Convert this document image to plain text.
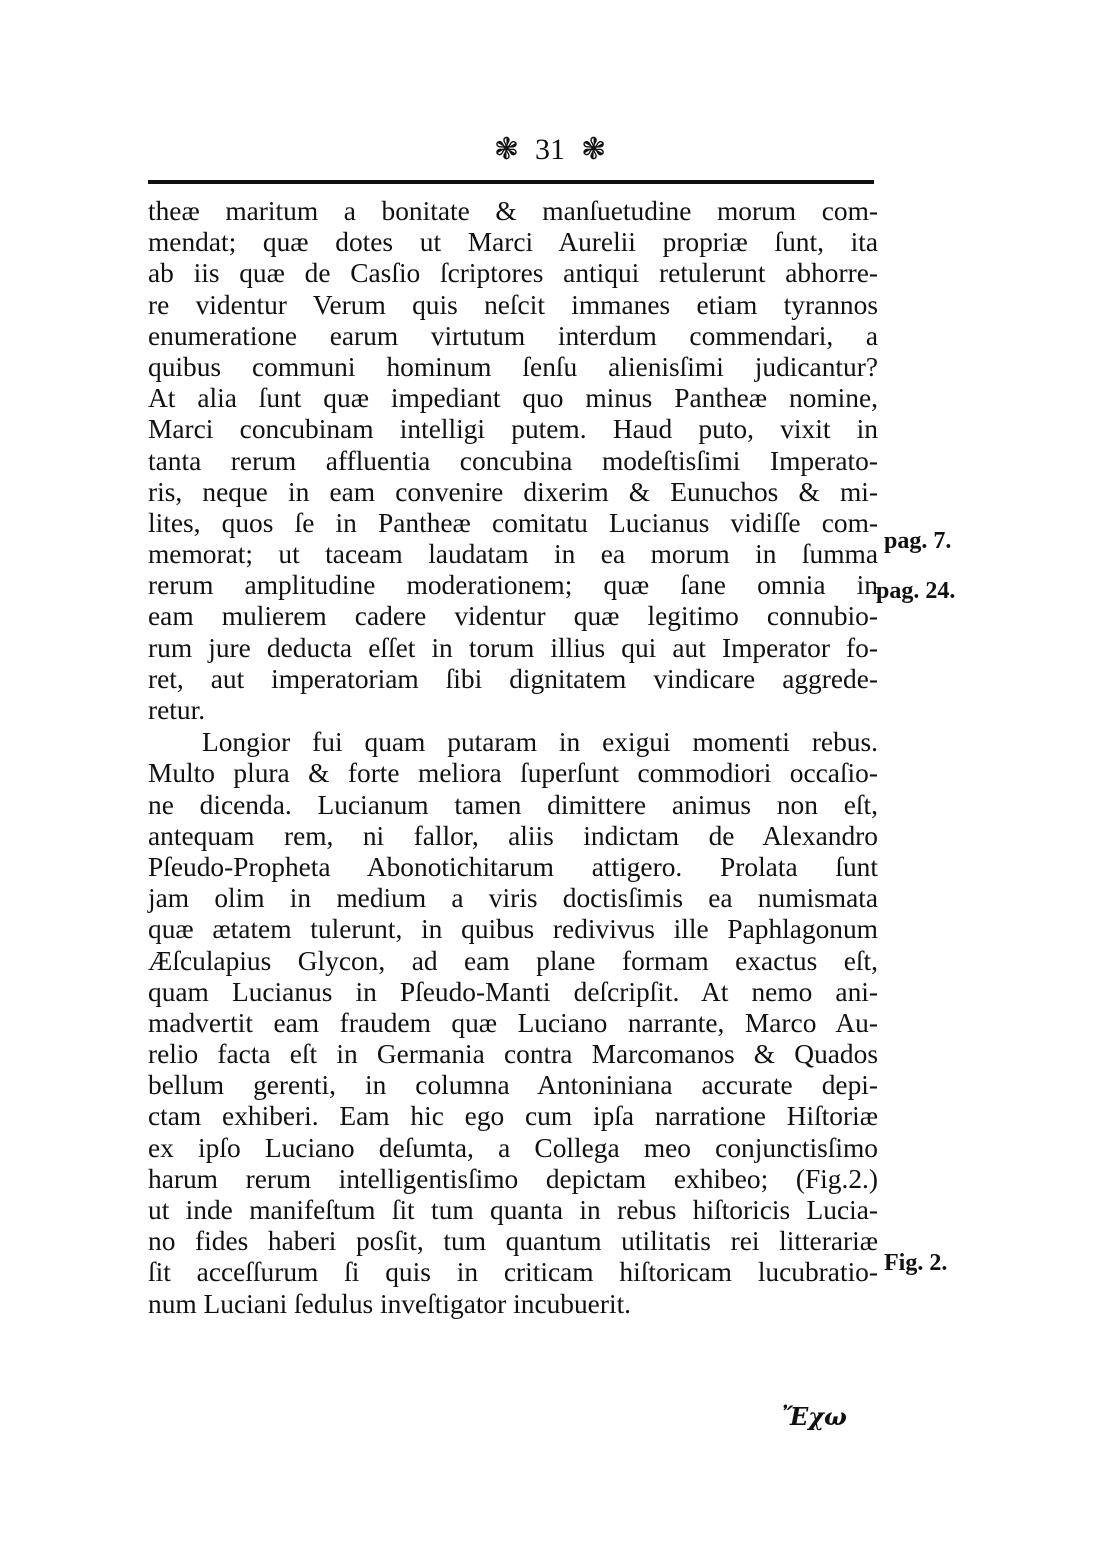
❃ 31 ❃
theæ maritum a bonitate & manſuetudine morum com-
mendat; quæ dotes ut Marci Aurelii propriæ ſunt, ita
ab iis quæ de Casſio ſcriptores antiqui retulerunt abhorre-
re videntur Verum quis neſcit immanes etiam tyrannos
enumeratione earum virtutum interdum commendari, a
quibus communi hominum ſenſu alienisſimi judicantur?
At alia ſunt quæ impediant quo minus Pantheæ nomine,
Marci concubinam intelligi putem. Haud puto, vixit in
tanta rerum affluentia concubina modeſtisſimi Imperato-
ris, neque in eam convenire dixerim & Eunuchos & mi-
lites, quos ſe in Pantheæ comitatu Lucianus vidiſſe com-
memorat; ut taceam laudatam in ea morum in ſumma
rerum amplitudine moderationem; quæ ſane omnia in
eam mulierem cadere videntur quæ legitimo connubio-
rum jure deducta eſſet in torum illius qui aut Imperator fo-
ret, aut imperatoriam ſibi dignitatem vindicare aggrede-
retur.
Longior fui quam putaram in exigui momenti rebus.
Multo plura & forte meliora ſuperſunt commodiori occaſio-
ne dicenda. Lucianum tamen dimittere animus non eſt,
antequam rem, ni fallor, aliis indictam de Alexandro
Pſeudo-Propheta Abonotichitarum attigero. Prolata ſunt
jam olim in medium a viris doctisſimis ea numismata
quæ ætatem tulerunt, in quibus redivivus ille Paphlagonum
Æſculapius Glycon, ad eam plane formam exactus eſt,
quam Lucianus in Pſeudo-Manti deſcripſit. At nemo ani-
madvertit eam fraudem quæ Luciano narrante, Marco Au-
relio facta eſt in Germania contra Marcomanos & Quados
bellum gerenti, in columna Antoniniana accurate depi-
ctam exhiberi. Eam hic ego cum ipſa narratione Hiſtoriæ
ex ipſo Luciano deſumta, a Collega meo conjunctisſimo
harum rerum intelligentisſimo depictam exhibeo; (Fig.2.)
ut inde manifeſtum ſit tum quanta in rebus hiſtoricis Lucia-
no fides haberi posſit, tum quantum utilitatis rei litterariæ
ſit acceſſurum ſi quis in criticam hiſtoricam lucubratio-
num Luciani ſedulus inveſtigator incubuerit.
pag. 7.
pag. 24.
Fig. 2.
Ἔχω
